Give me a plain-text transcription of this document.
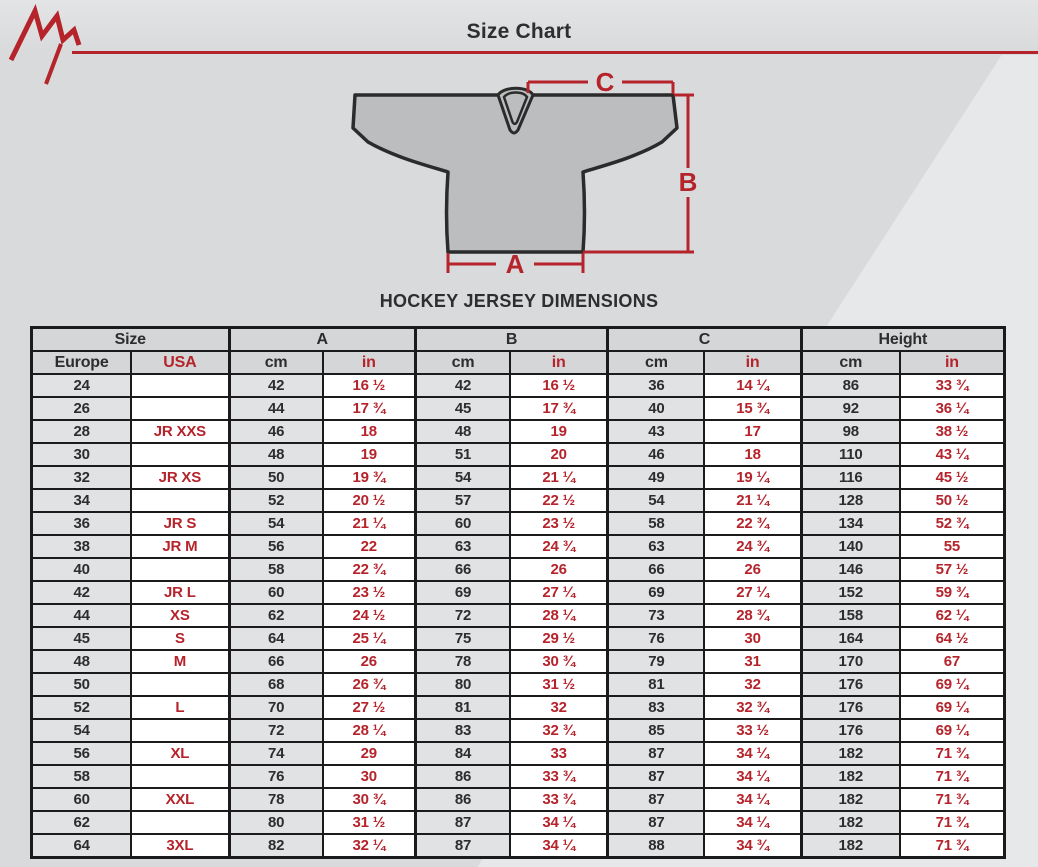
Size Chart
C
B
A
HOCKEY JERSEY DIMENSIONS
Size		A		B		C		Height	
Europe	USA	cm	in	cm	in	cm	in	cm	in
24		42	16 ½	42	16 ½	36	14 ¼	86	33 ¾
26		44	17 ¾	45	17 ¾	40	15 ¾	92	36 ¼
28	JR XXS	46	18	48	19	43	17	98	38 ½
30		48	19	51	20	46	18	110	43 ¼
32	JR XS	50	19 ¾	54	21 ¼	49	19 ¼	116	45 ½
34		52	20 ½	57	22 ½	54	21 ¼	128	50 ½
36	JR S	54	21 ¼	60	23 ½	58	22 ¾	134	52 ¾
38	JR M	56	22	63	24 ¾	63	24 ¾	140	55
40		58	22 ¾	66	26	66	26	146	57 ½
42	JR L	60	23 ½	69	27 ¼	69	27 ¼	152	59 ¾
44	XS	62	24 ½	72	28 ¼	73	28 ¾	158	62 ¼
45	S	64	25 ¼	75	29 ½	76	30	164	64 ½
48	M	66	26	78	30 ¾	79	31	170	67
50		68	26 ¾	80	31 ½	81	32	176	69 ¼
52	L	70	27 ½	81	32	83	32 ¾	176	69 ¼
54		72	28 ¼	83	32 ¾	85	33 ½	176	69 ¼
56	XL	74	29	84	33	87	34 ¼	182	71 ¾
58		76	30	86	33 ¾	87	34 ¼	182	71 ¾
60	XXL	78	30 ¾	86	33 ¾	87	34 ¼	182	71 ¾
62		80	31 ½	87	34 ¼	87	34 ¼	182	71 ¾
64	3XL	82	32 ¼	87	34 ¼	88	34 ¾	182	71 ¾
